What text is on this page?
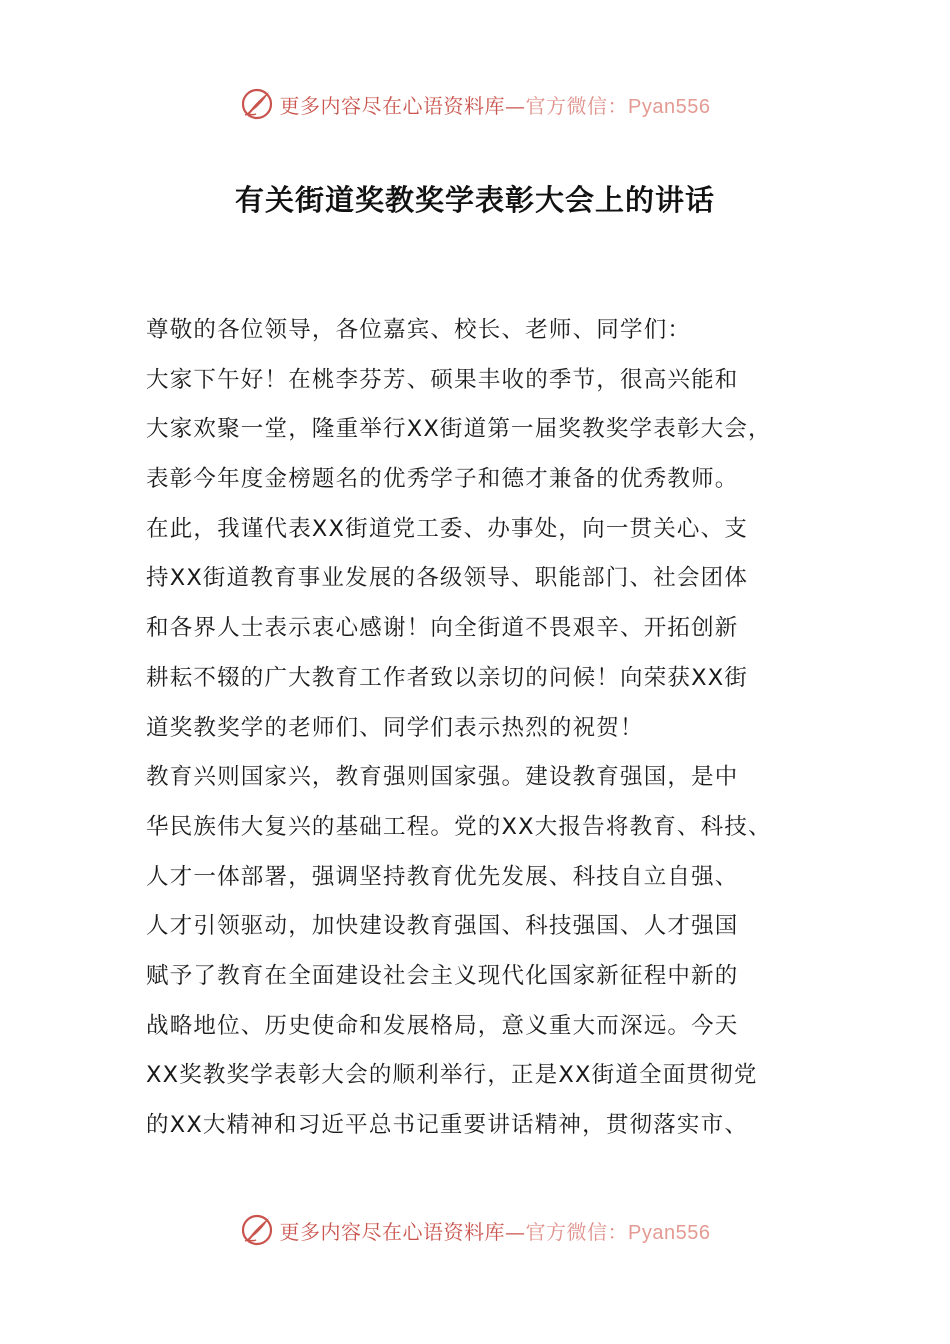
更多内容尽在心语资料库—官方微信：Pyan556
有关街道奖教奖学表彰大会上的讲话
尊敬的各位领导，各位嘉宾、校长、老师、同学们：
大家下午好！在桃李芬芳、硕果丰收的季节，很高兴能和
大家欢聚一堂，隆重举行XX街道第一届奖教奖学表彰大会，
表彰今年度金榜题名的优秀学子和德才兼备的优秀教师。
在此，我谨代表XX街道党工委、办事处，向一贯关心、支
持XX街道教育事业发展的各级领导、职能部门、社会团体
和各界人士表示衷心感谢！向全街道不畏艰辛、开拓创新
耕耘不辍的广大教育工作者致以亲切的问候！向荣获XX街
道奖教奖学的老师们、同学们表示热烈的祝贺！
教育兴则国家兴，教育强则国家强。建设教育强国，是中
华民族伟大复兴的基础工程。党的XX大报告将教育、科技、
人才一体部署，强调坚持教育优先发展、科技自立自强、
人才引领驱动，加快建设教育强国、科技强国、人才强国
赋予了教育在全面建设社会主义现代化国家新征程中新的
战略地位、历史使命和发展格局，意义重大而深远。今天
XX奖教奖学表彰大会的顺利举行，正是XX街道全面贯彻党
的XX大精神和习近平总书记重要讲话精神，贯彻落实市、
更多内容尽在心语资料库—官方微信：Pyan556
